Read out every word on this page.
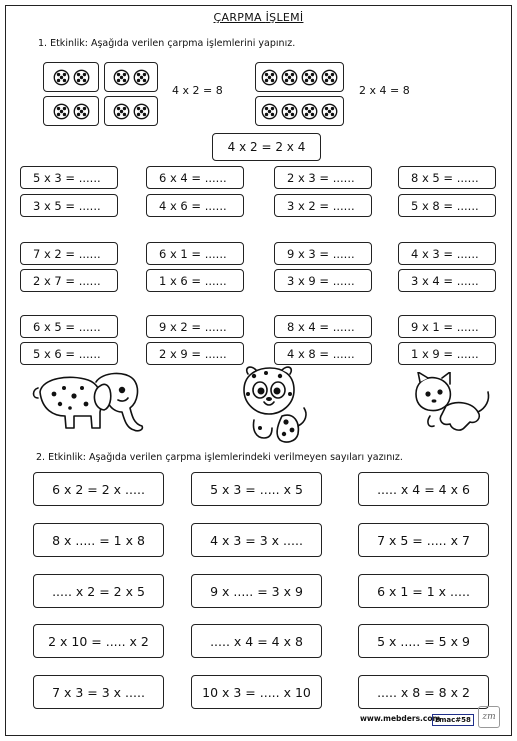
ÇARPMA İŞLEMİ
1. Etkinlik: Aşağıda verilen çarpma işlemlerini yapınız.
4 x 2 = 8	2 x 4 = 8
4 x 2 = 2 x 4
5 x 3 = ......	6 x 4 = ......	2 x 3 = ......	8 x 5 = ......
3 x 5 = ......	4 x 6 = ......	3 x 2 = ......	5 x 8 = ......
7 x 2 = ......	6 x 1 = ......	9 x 3 = ......	4 x 3 = ......
2 x 7 = ......	1 x 6 = ......	3 x 9 = ......	3 x 4 = ......
6 x 5 = ......	9 x 2 = ......	8 x 4 = ......	9 x 1 = ......
5 x 6 = ......	2 x 9 = ......	4 x 8 = ......	1 x 9 = ......
2. Etkinlik: Aşağıda verilen çarpma işlemlerindeki verilmeyen sayıları yazınız.
6 x 2 = 2 x .....	5 x 3 = ..... x 5	..... x 4 = 4 x 6
8 x ..... = 1 x 8	4 x 3 = 3 x .....	7 x 5 = ..... x 7
..... x 2 = 2 x 5	9 x ..... = 3 x 9	6 x 1 = 1 x .....
2 x 10 = ..... x 2	..... x 4 = 4 x 8	5 x ..... = 5 x 9
7 x 3 = 3 x .....	10 x 3 = ..... x 10	..... x 8 = 8 x 2
www.mebders.com
zmac#58	zm
